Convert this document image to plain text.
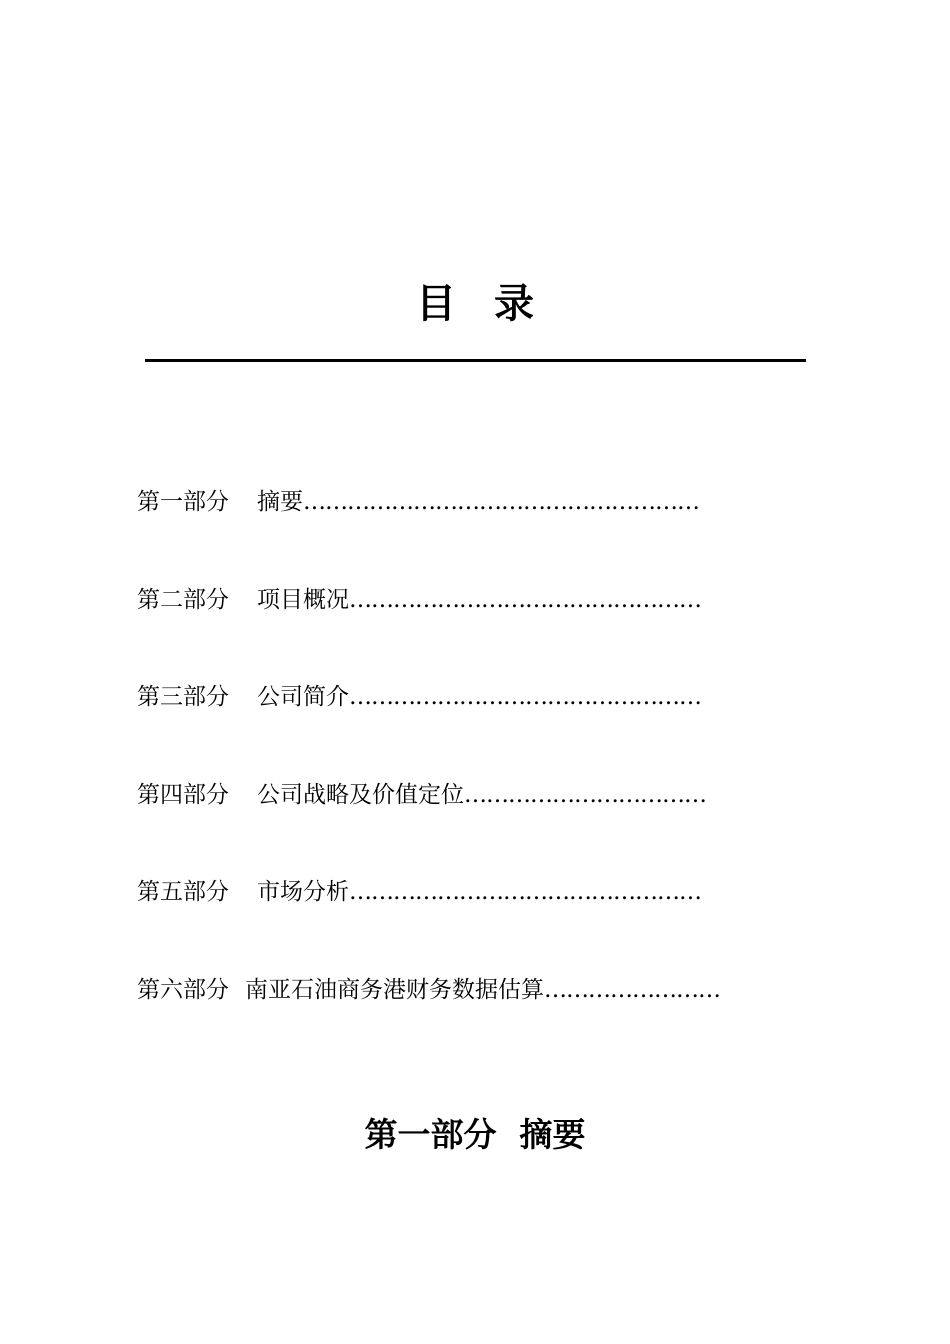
目录
第一部分 摘要………………………………………………
第二部分 项目概况…………………………………………
第三部分 公司简介…………………………………………
第四部分 公司战略及价值定位……………………………
第五部分 市场分析…………………………………………
第六部分 南亚石油商务港财务数据估算……………………
第一部分  摘要
